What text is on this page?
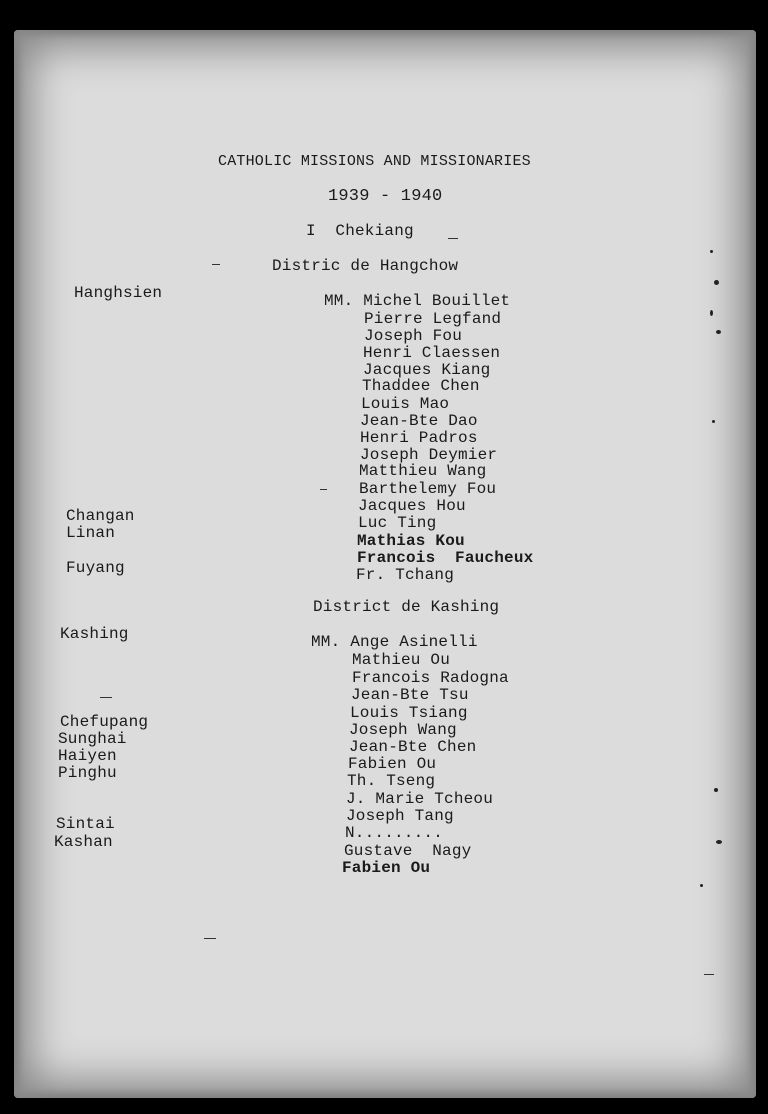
CATHOLIC MISSIONS AND MISSIONARIES
1939 - 1940
I  Chekiang
Distric de Hangchow
Hanghsien
Changan
Linan
Fuyang
MM. Michel Bouillet
Pierre Legfand
Joseph Fou
Henri Claessen
Jacques Kiang
Thaddee Chen
Louis Mao
Jean-Bte Dao
Henri Padros
Joseph Deymier
Matthieu Wang
Barthelemy Fou
Jacques Hou
Luc Ting
Mathias Kou
Francois  Faucheux
Fr. Tchang
District de Kashing
Kashing
Chefupang
Sunghai
Haiyen
Pinghu
Sintai
Kashan
MM. Ange Asinelli
Mathieu Ou
Francois Radogna
Jean-Bte Tsu
Louis Tsiang
Joseph Wang
Jean-Bte Chen
Fabien Ou
Th. Tseng
J. Marie Tcheou
Joseph Tang
N.........
Gustave  Nagy
Fabien Ou
